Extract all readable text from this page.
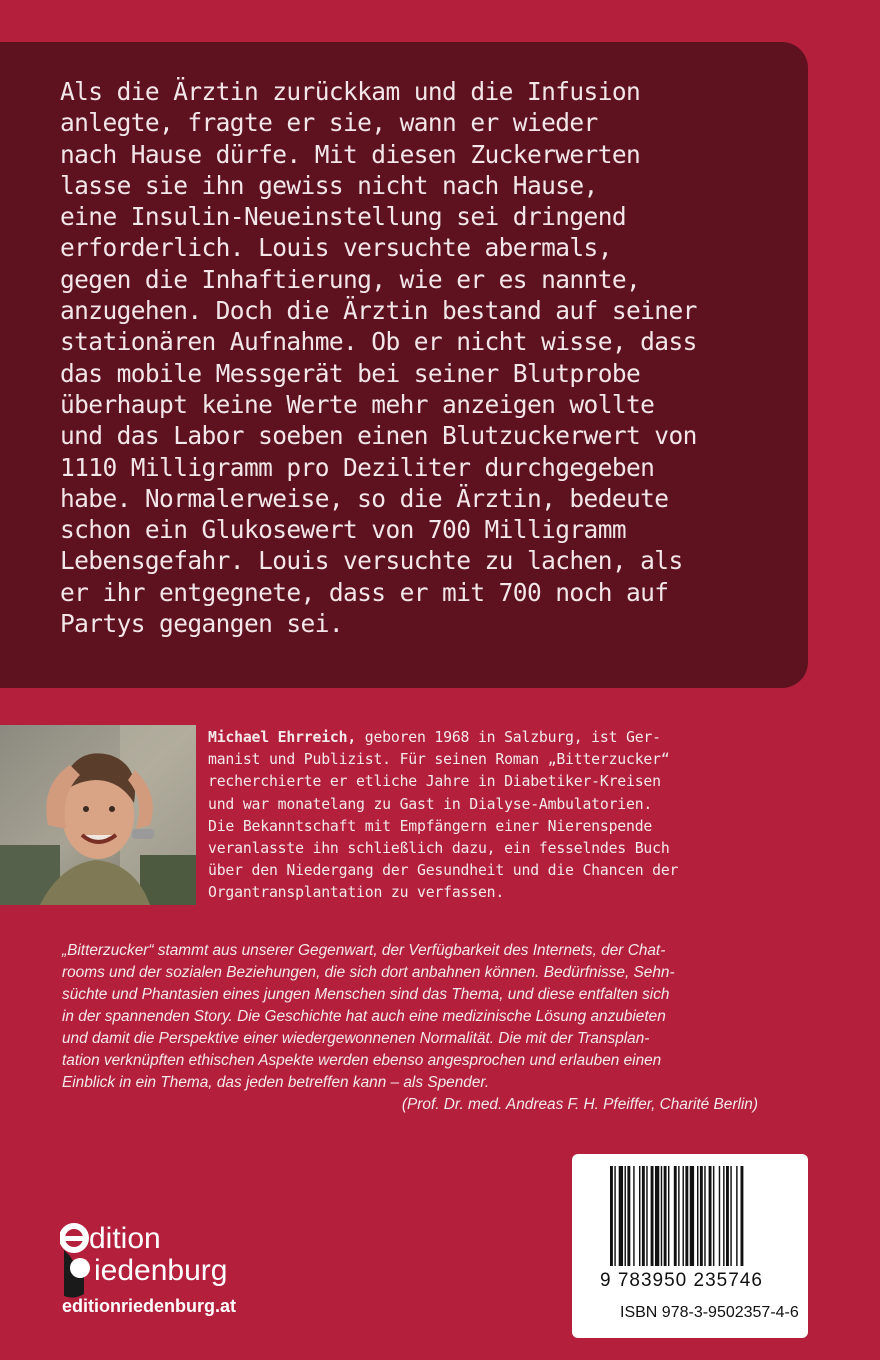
Als die Ärztin zurückkam und die Infusion
anlegte, fragte er sie, wann er wieder
nach Hause dürfe. Mit diesen Zuckerwerten
lasse sie ihn gewiss nicht nach Hause,
eine Insulin-Neueinstellung sei dringend
erforderlich. Louis versuchte abermals,
gegen die Inhaftierung, wie er es nannte,
anzugehen. Doch die Ärztin bestand auf seiner
stationären Aufnahme. Ob er nicht wisse, dass
das mobile Messgerät bei seiner Blutprobe
überhaupt keine Werte mehr anzeigen wollte
und das Labor soeben einen Blutzuckerwert von
1110 Milligramm pro Deziliter durchgegeben
habe. Normalerweise, so die Ärztin, bedeute
schon ein Glukosewert von 700 Milligramm
Lebensgefahr. Louis versuchte zu lachen, als
er ihr entgegnete, dass er mit 700 noch auf
Partys gegangen sei.

Michael Ehrreich, geboren 1968 in Salzburg, ist Ger-
manist und Publizist. Für seinen Roman „Bitterzucker“
recherchierte er etliche Jahre in Diabetiker-Kreisen
und war monatelang zu Gast in Dialyse-Ambulatorien.
Die Bekanntschaft mit Empfängern einer Nierenspende
veranlasste ihn schließlich dazu, ein fesselndes Buch
über den Niedergang der Gesundheit und die Chancen der
Organtransplantation zu verfassen.
„Bitterzucker“ stammt aus unserer Gegenwart, der Verfügbarkeit des Internets, der Chat-
rooms und der sozialen Beziehungen, die sich dort anbahnen können. Bedürfnisse, Sehn-
süchte und Phantasien eines jungen Menschen sind das Thema, und diese entfalten sich
in der spannenden Story. Die Geschichte hat auch eine medizinische Lösung anzubieten
und damit die Perspektive einer wiedergewonnenen Normalität. Die mit der Transplan-
tation verknüpften ethischen Aspekte werden ebenso angesprochen und erlauben einen
Einblick in ein Thema, das jeden betreffen kann – als Spender.
(Prof. Dr. med. Andreas F. H. Pfeiffer, Charité Berlin)
dition
iedenburg
editionriedenburg.at
9 783950 235746
ISBN 978-3-9502357-4-6
